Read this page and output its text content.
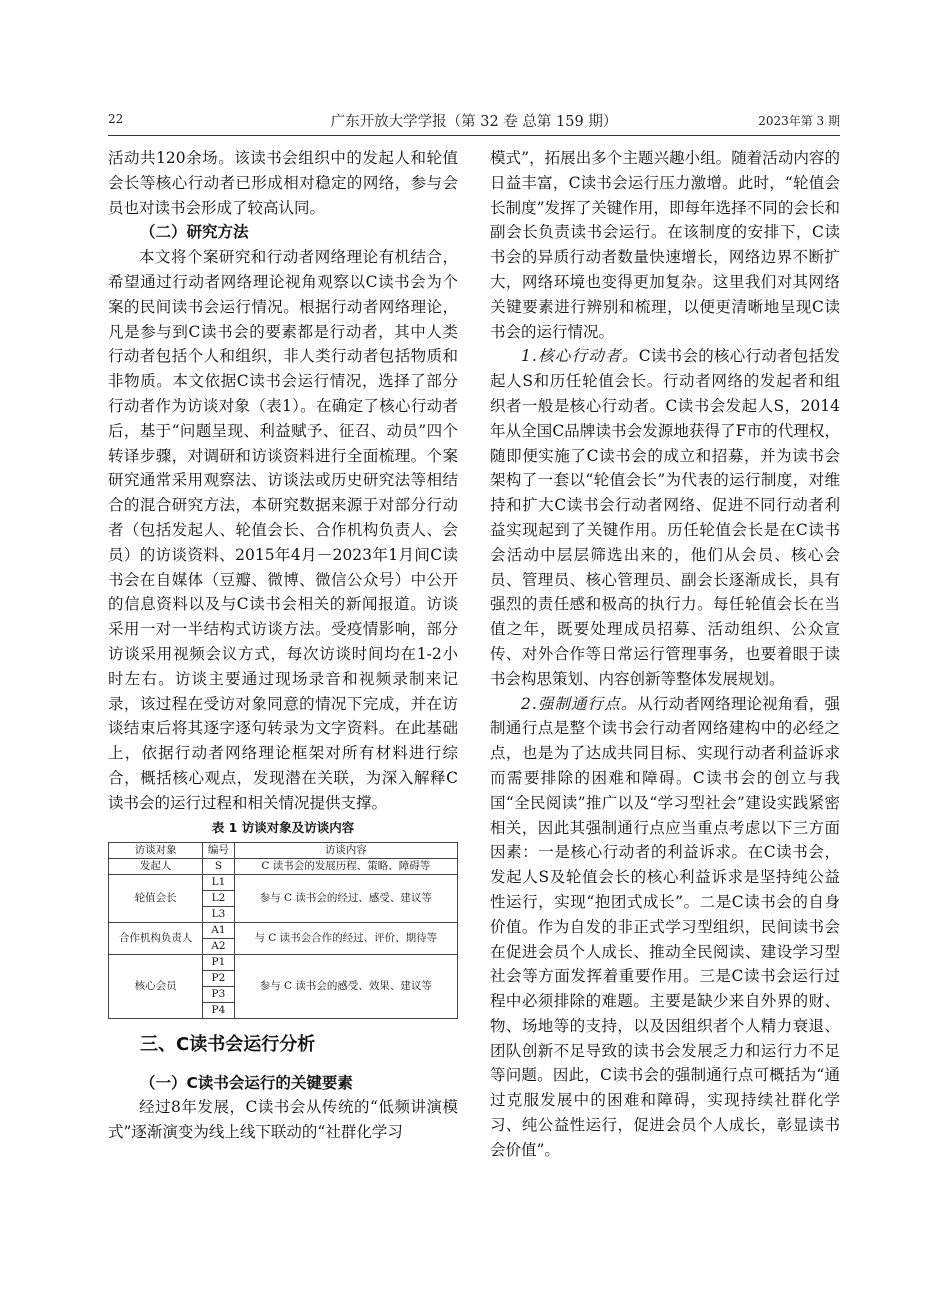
22	广东开放大学学报（第 32 卷 总第 159 期）	2023年第 3 期

活动共120余场。该读书会组织中的发起人和轮值会长等核心行动者已形成相对稳定的网络，参与会员也对读书会形成了较高认同。

（二）研究方法

本文将个案研究和行动者网络理论有机结合，希望通过行动者网络理论视角观察以C读书会为个案的民间读书会运行情况。根据行动者网络理论，凡是参与到C读书会的要素都是行动者，其中人类行动者包括个人和组织，非人类行动者包括物质和非物质。本文依据C读书会运行情况，选择了部分行动者作为访谈对象（表1）。在确定了核心行动者后，基于“问题呈现、利益赋予、征召、动员”四个转译步骤，对调研和访谈资料进行全面梳理。个案研究通常采用观察法、访谈法或历史研究法等相结合的混合研究方法，本研究数据来源于对部分行动者（包括发起人、轮值会长、合作机构负责人、会员）的访谈资料、2015年4月－2023年1月间C读书会在自媒体（豆瓣、微博、微信公众号）中公开的信息资料以及与C读书会相关的新闻报道。访谈采用一对一半结构式访谈方法。受疫情影响，部分访谈采用视频会议方式，每次访谈时间均在1-2小时左右。访谈主要通过现场录音和视频录制来记录，该过程在受访对象同意的情况下完成，并在访谈结束后将其逐字逐句转录为文字资料。在此基础上，依据行动者网络理论框架对所有材料进行综合，概括核心观点，发现潜在关联，为深入解释C读书会的运行过程和相关情况提供支撑。

表 1 访谈对象及访谈内容
访谈对象	编号	访谈内容
发起人	S	C 读书会的发展历程、策略、障碍等
轮值会长	L1	参与 C 读书会的经过、感受、建议等
	L2	
	L3	
合作机构负责人	A1	与 C 读书会合作的经过、评价、期待等
	A2	
核心会员	P1	参与 C 读书会的感受、效果、建议等
	P2	
	P3	
	P4	
三、C读书会运行分析
（一）C读书会运行的关键要素

经过8年发展，C读书会从传统的“低频讲演模式”逐渐演变为线上线下联动的“社群化学习

模式”，拓展出多个主题兴趣小组。随着活动内容的日益丰富，C读书会运行压力激增。此时，“轮值会长制度”发挥了关键作用，即每年选择不同的会长和副会长负责读书会运行。在该制度的安排下，C读书会的异质行动者数量快速增长，网络边界不断扩大，网络环境也变得更加复杂。这里我们对其网络关键要素进行辨别和梳理，以便更清晰地呈现C读书会的运行情况。

1.核心行动者。C读书会的核心行动者包括发起人S和历任轮值会长。行动者网络的发起者和组织者一般是核心行动者。C读书会发起人S，2014年从全国C品牌读书会发源地获得了F市的代理权，随即便实施了C读书会的成立和招募，并为读书会架构了一套以“轮值会长”为代表的运行制度，对维持和扩大C读书会行动者网络、促进不同行动者利益实现起到了关键作用。历任轮值会长是在C读书会活动中层层筛选出来的，他们从会员、核心会员、管理员、核心管理员、副会长逐渐成长，具有强烈的责任感和极高的执行力。每任轮值会长在当值之年，既要处理成员招募、活动组织、公众宣传、对外合作等日常运行管理事务，也要着眼于读书会构思策划、内容创新等整体发展规划。

2.强制通行点。从行动者网络理论视角看，强制通行点是整个读书会行动者网络建构中的必经之点，也是为了达成共同目标、实现行动者利益诉求而需要排除的困难和障碍。C读书会的创立与我国“全民阅读”推广以及“学习型社会”建设实践紧密相关，因此其强制通行点应当重点考虑以下三方面因素：一是核心行动者的利益诉求。在C读书会，发起人S及轮值会长的核心利益诉求是坚持纯公益性运行，实现“抱团式成长”。二是C读书会的自身价值。作为自发的非正式学习型组织，民间读书会在促进会员个人成长、推动全民阅读、建设学习型社会等方面发挥着重要作用。三是C读书会运行过程中必须排除的难题。主要是缺少来自外界的财、物、场地等的支持，以及因组织者个人精力衰退、团队创新不足导致的读书会发展乏力和运行力不足等问题。因此，C读书会的强制通行点可概括为“通过克服发展中的困难和障碍，实现持续社群化学习、纯公益性运行，促进会员个人成长，彰显读书会价值”。
